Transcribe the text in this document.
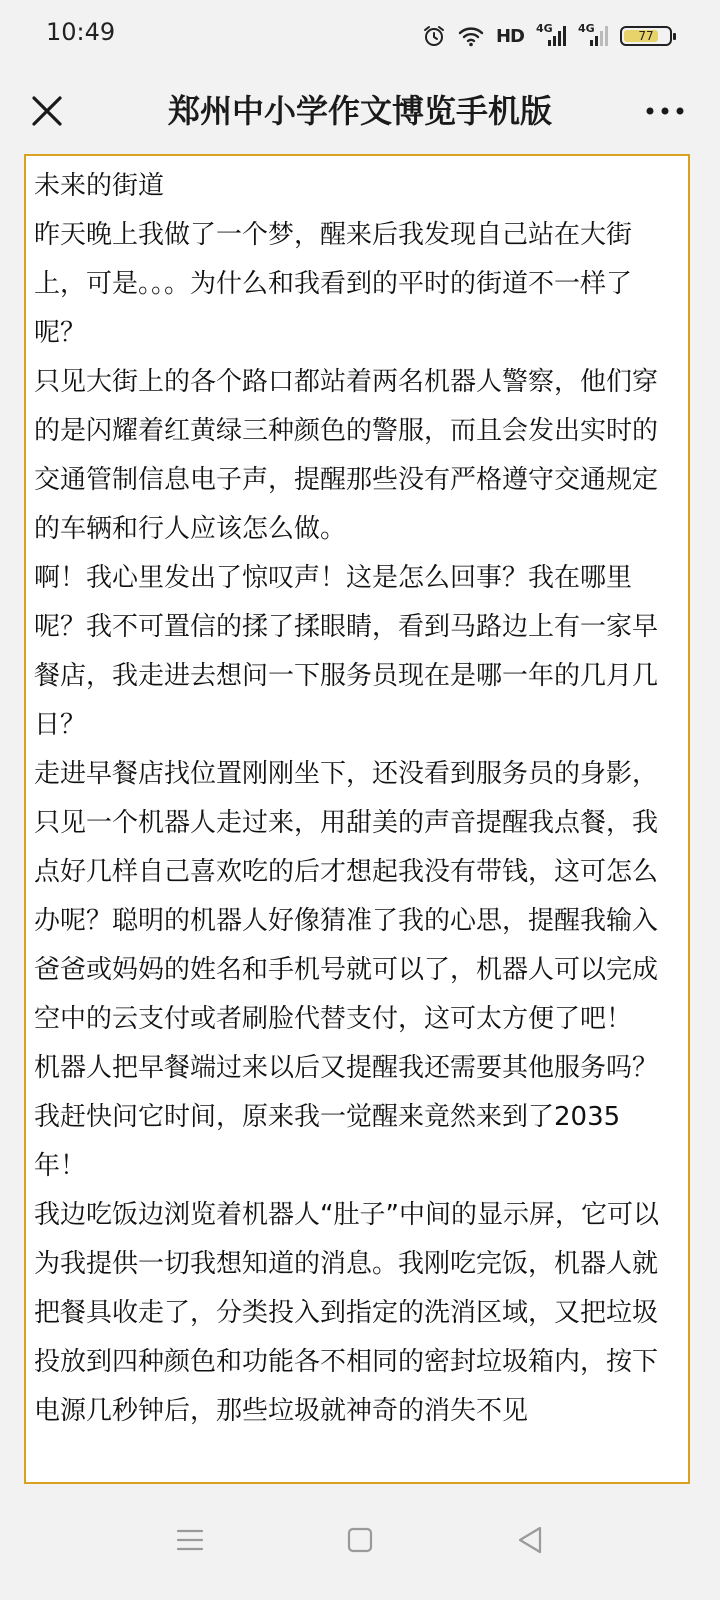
10:49	HD 4G 4G
77
郑州中小学作文博览手机版

未来的街道

昨天晚上我做了一个梦，醒来后我发现自己站在大街上，可是。。。为什么和我看到的平时的街道不一样了呢？

只见大街上的各个路口都站着两名机器人警察，他们穿的是闪耀着红黄绿三种颜色的警服，而且会发出实时的交通管制信息电子声，提醒那些没有严格遵守交通规定的车辆和行人应该怎么做。

啊！我心里发出了惊叹声！这是怎么回事？我在哪里呢？我不可置信的揉了揉眼睛，看到马路边上有一家早餐店，我走进去想问一下服务员现在是哪一年的几月几日？

走进早餐店找位置刚刚坐下，还没看到服务员的身影，只见一个机器人走过来，用甜美的声音提醒我点餐，我点好几样自己喜欢吃的后才想起我没有带钱，这可怎么办呢？聪明的机器人好像猜准了我的心思，提醒我输入爸爸或妈妈的姓名和手机号就可以了，机器人可以完成空中的云支付或者刷脸代替支付，这可太方便了吧！

机器人把早餐端过来以后又提醒我还需要其他服务吗？我赶快问它时间，原来我一觉醒来竟然来到了2035年！

我边吃饭边浏览着机器人“肚子”中间的显示屏，它可以为我提供一切我想知道的消息。我刚吃完饭，机器人就把餐具收走了，分类投入到指定的洗消区域，又把垃圾投放到四种颜色和功能各不相同的密封垃圾箱内，按下电源几秒钟后，那些垃圾就神奇的消失不见
